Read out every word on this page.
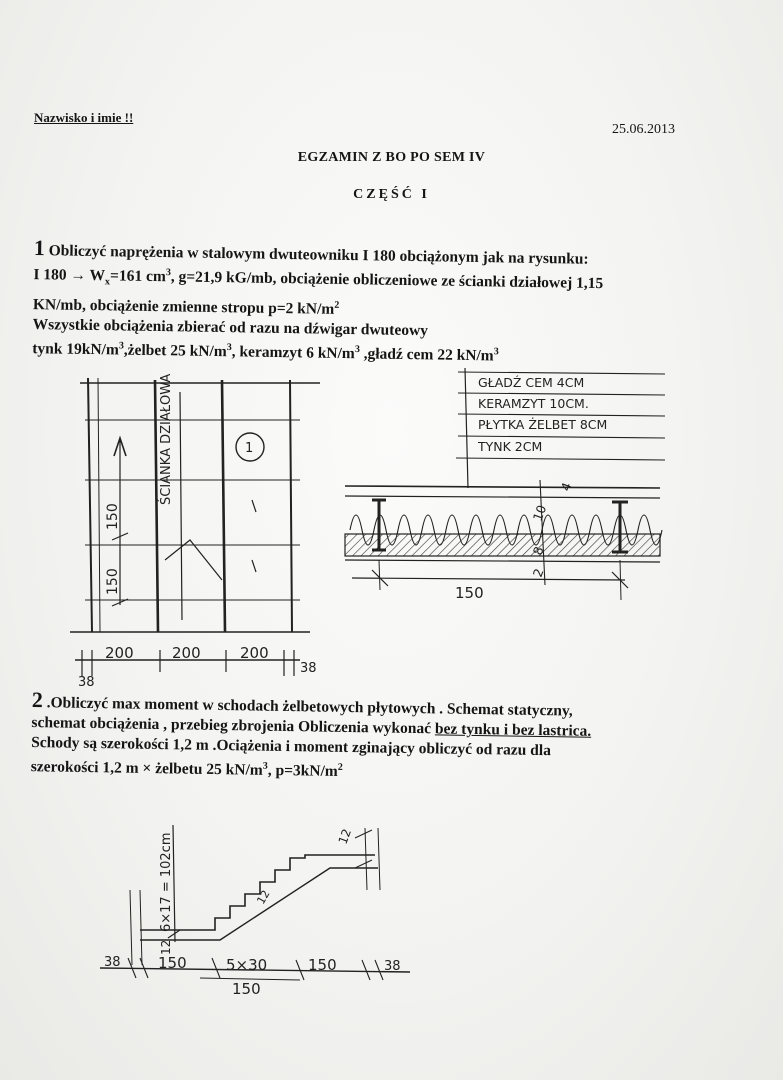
Nazwisko i imie !!
25.06.2013
EGZAMIN Z BO PO SEM IV
CZĘŚĆ I
1 Obliczyć naprężenia w stalowym dwuteowniku I 180 obciążonym jak na rysunku:
I $180 \to W_x=161$ $cm^3$, g=21,9 kG/mb, obciążenie obliczeniowe ze ścianki działowej 1,15
KN/mb, obciążenie zmienne stropu p=2 $kN/m^2$
Wszystkie obciążenia zbierać od razu na dźwigar dwuteowy
tynk $19kN/m^3,żelbet$ 25 $kN/m^3$, keramzyt 6 $kN/m^3$ ,gładź cem 22 $kN/m^3$
2 .Obliczyć max moment w schodach żelbetowych płytowych . Schemat statyczny,
schemat obciążenia , przebieg zbrojenia Obliczenia wykonać bez tynku i bez lastrica.
Schody są szerokości 1,2 m .Ociążenia i moment zginający obliczyć od razu dla
szerokości 1,2 m × żelbetu 25 $kN/m^3$, $p=3kN/m^2$
ŚCIANKA DZIAŁOWA
150
150
1
200	200	200
38
38
GŁADŹ CEM 4CM
KERAMZYT 10CM.
PŁYTKA ŻELBET 8CM
TYNK 2CM
150
4
10
8
2
6×17 = 102cm
12
12
12
38 150	5×30	150	38
150
